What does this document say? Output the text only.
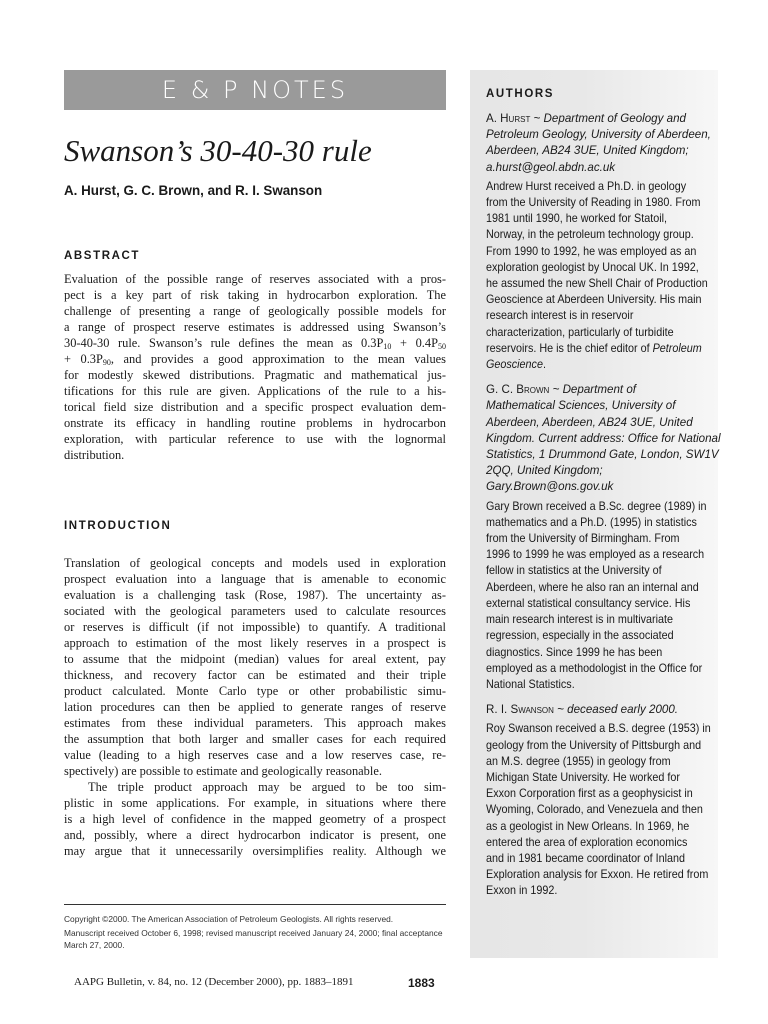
E & P NOTES
Swanson’s 30-40-30 rule
A. Hurst, G. C. Brown, and R. I. Swanson
ABSTRACT
Evaluation of the possible range of reserves associated with a pros-
pect is a key part of risk taking in hydrocarbon exploration. The
challenge of presenting a range of geologically possible models for
a range of prospect reserve estimates is addressed using Swanson’s
30-40-30 rule. Swanson’s rule defines the mean as $0.3P_{10} + 0.4P_{50}$
+ $0.3P_{90}$, and provides a good approximation to the mean values
for modestly skewed distributions. Pragmatic and mathematical jus-
tifications for this rule are given. Applications of the rule to a his-
torical field size distribution and a specific prospect evaluation dem-
onstrate its efficacy in handling routine problems in hydrocarbon
exploration, with particular reference to use with the lognormal
distribution.
INTRODUCTION
Translation of geological concepts and models used in exploration
prospect evaluation into a language that is amenable to economic
evaluation is a challenging task (Rose, 1987). The uncertainty as-
sociated with the geological parameters used to calculate resources
or reserves is difficult (if not impossible) to quantify. A traditional
approach to estimation of the most likely reserves in a prospect is
to assume that the midpoint (median) values for areal extent, pay
thickness, and recovery factor can be estimated and their triple
product calculated. Monte Carlo type or other probabilistic simu-
lation procedures can then be applied to generate ranges of reserve
estimates from these individual parameters. This approach makes
the assumption that both larger and smaller cases for each required
value (leading to a high reserves case and a low reserves case, re-
spectively) are possible to estimate and geologically reasonable.
The triple product approach may be argued to be too sim-
plistic in some applications. For example, in situations where there
is a high level of confidence in the mapped geometry of a prospect
and, possibly, where a direct hydrocarbon indicator is present, one
may argue that it unnecessarily oversimplifies reality. Although we

Copyright ©2000. The American Association of Petroleum Geologists. All rights reserved.

Manuscript received October 6, 1998; revised manuscript received January 24, 2000; final acceptance March 27, 2000.

AAPG Bulletin, v. 84, no. 12 (December 2000), pp. 1883–1891	1883
AUTHORS
A. Hurst ~ Department of Geology and
Petroleum Geology, University of Aberdeen,
Aberdeen, AB24 3UE, United Kingdom;
a.hurst@geol.abdn.ac.uk
Andrew Hurst received a Ph.D. in geology
from the University of Reading in 1980. From
1981 until 1990, he worked for Statoil,
Norway, in the petroleum technology group.
From 1990 to 1992, he was employed as an
exploration geologist by Unocal UK. In 1992,
he assumed the new Shell Chair of Production
Geoscience at Aberdeen University. His main
research interest is in reservoir
characterization, particularly of turbidite
reservoirs. He is the chief editor of Petroleum
Geoscience.
G. C. Brown ~ Department of
Mathematical Sciences, University of
Aberdeen, Aberdeen, AB24 3UE, United
Kingdom. Current address: Office for National
Statistics, 1 Drummond Gate, London, SW1V
2QQ, United Kingdom;
Gary.Brown@ons.gov.uk
Gary Brown received a B.Sc. degree (1989) in
mathematics and a Ph.D. (1995) in statistics
from the University of Birmingham. From
1996 to 1999 he was employed as a research
fellow in statistics at the University of
Aberdeen, where he also ran an internal and
external statistical consultancy service. His
main research interest is in multivariate
regression, especially in the associated
diagnostics. Since 1999 he has been
employed as a methodologist in the Office for
National Statistics.
R. I. Swanson ~ deceased early 2000.
Roy Swanson received a B.S. degree (1953) in
geology from the University of Pittsburgh and
an M.S. degree (1955) in geology from
Michigan State University. He worked for
Exxon Corporation first as a geophysicist in
Wyoming, Colorado, and Venezuela and then
as a geologist in New Orleans. In 1969, he
entered the area of exploration economics
and in 1981 became coordinator of Inland
Exploration analysis for Exxon. He retired from
Exxon in 1992.
